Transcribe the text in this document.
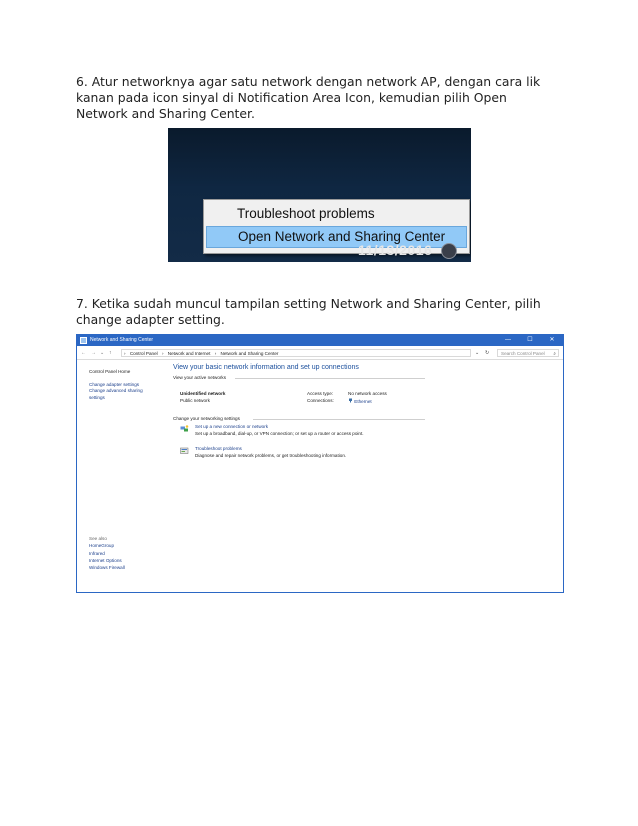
6. Atur networknya agar satu network dengan network AP, dengan cara lik kanan pada icon sinyal di Notification Area Icon, kemudian pilih Open Network and Sharing Center.
Troubleshoot problems
Open Network and Sharing Center
11/13/2016
7. Ketika sudah muncul tampilan setting Network and Sharing Center, pilih change adapter setting.
Network and Sharing Center	—	☐	✕
← → ⌄ ↑	› Control Panel › Network and Internet › Network and Sharing Center	⌄ ↻	Search Control Panel ⌕
Control Panel Home
Change adapter settings
Change advanced sharing settings
See also
HomeGroup
Infrared
Internet Options
Windows Firewall
View your basic network information and set up connections
View your active networks
Unidentified network
Public network
Access type:	No network access
Connections:	Ethernet
Change your networking settings
Set up a new connection or network
Set up a broadband, dial-up, or VPN connection; or set up a router or access point.
Troubleshoot problems
Diagnose and repair network problems, or get troubleshooting information.
